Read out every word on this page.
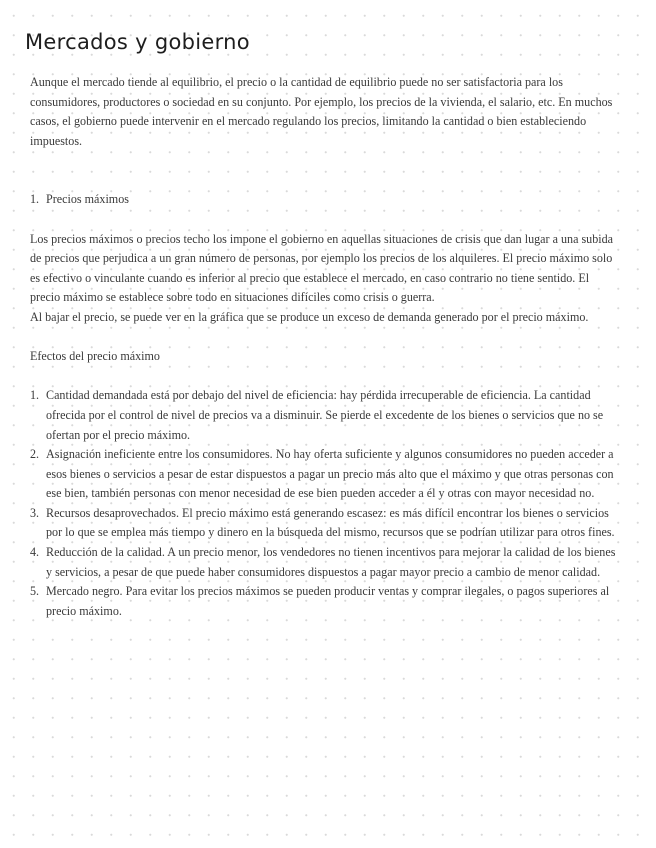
Mercados y gobierno

Aunque el mercado tiende al equilibrio, el precio o la cantidad de equilibrio puede no ser satisfactoria para los consumidores, productores o sociedad en su conjunto. Por ejemplo, los precios de la vivienda, el salario, etc. En muchos casos, el gobierno puede intervenir en el mercado regulando los precios, limitando la cantidad o bien estableciendo impuestos.

1. Precios máximos

Los precios máximos o precios techo los impone el gobierno en aquellas situaciones de crisis que dan lugar a una subida de precios que perjudica a un gran número de personas, por ejemplo los precios de los alquileres. El precio máximo solo es efectivo o vinculante cuando es inferior al precio que establece el mercado, en caso contrario no tiene sentido. El precio máximo se establece sobre todo en situaciones difíciles como crisis o guerra.

Al bajar el precio, se puede ver en la gráfica que se produce un exceso de demanda generado por el precio máximo.

Efectos del precio máximo

1. Cantidad demandada está por debajo del nivel de eficiencia: hay pérdida irrecuperable de eficiencia. La cantidad ofrecida por el control de nivel de precios va a disminuir. Se pierde el excedente de los bienes o servicios que no se ofertan por el precio máximo.
2. Asignación ineficiente entre los consumidores. No hay oferta suficiente y algunos consumidores no pueden acceder a esos bienes o servicios a pesar de estar dispuestos a pagar un precio más alto que el máximo y que otras personas con ese bien, también personas con menor necesidad de ese bien pueden acceder a él y otras con mayor necesidad no.
3. Recursos desaprovechados. El precio máximo está generando escasez: es más difícil encontrar los bienes o servicios por lo que se emplea más tiempo y dinero en la búsqueda del mismo, recursos que se podrían utilizar para otros fines.
4. Reducción de la calidad. A un precio menor, los vendedores no tienen incentivos para mejorar la calidad de los bienes y servicios, a pesar de que puede haber consumidores dispuestos a pagar mayor precio a cambio de menor calidad.
5. Mercado negro. Para evitar los precios máximos se pueden producir ventas y comprar ilegales, o pagos superiores al precio máximo.
